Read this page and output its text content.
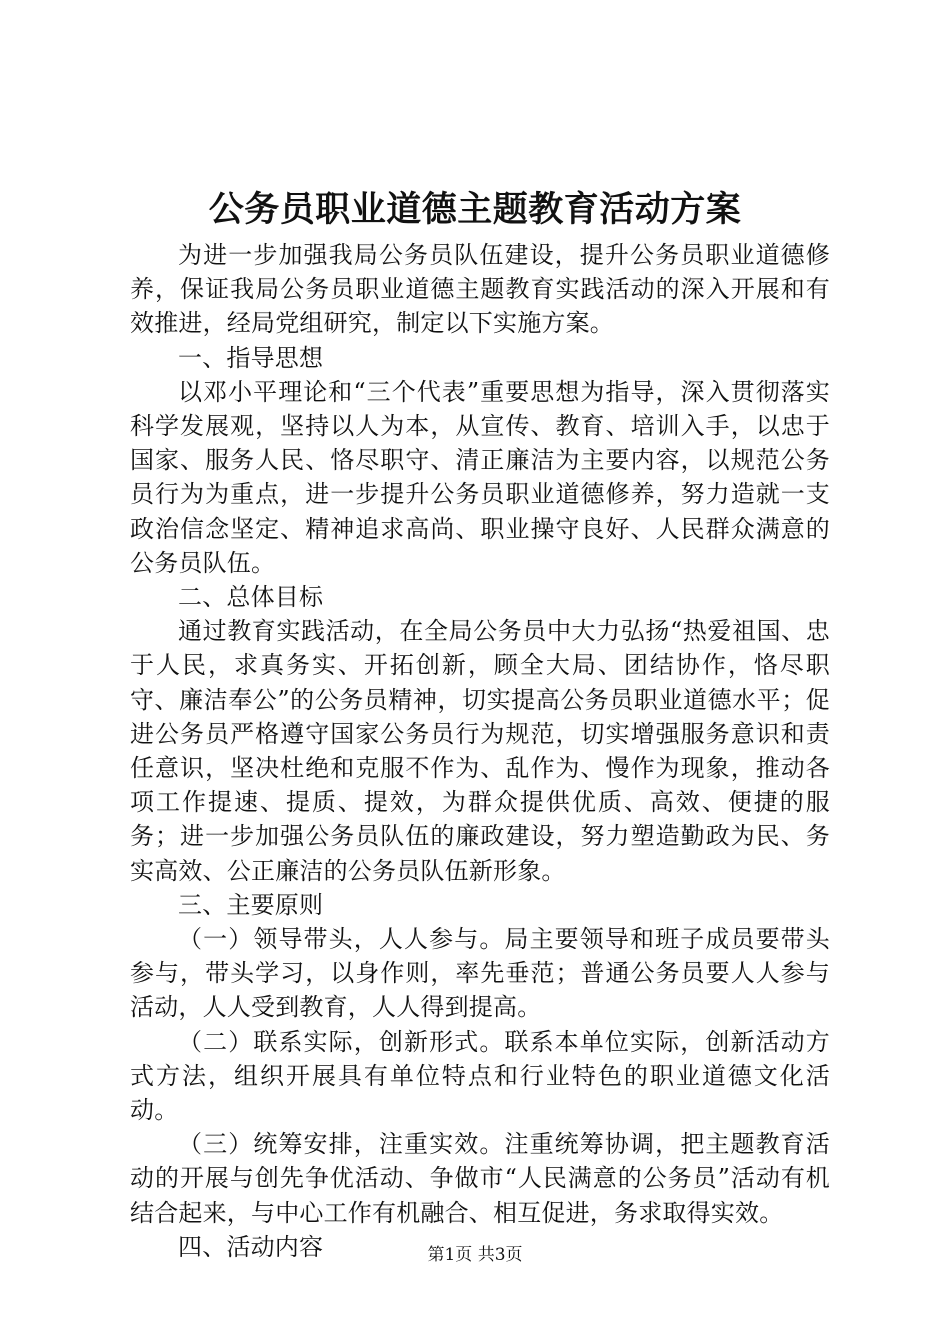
公务员职业道德主题教育活动方案

为进一步加强我局公务员队伍建设，提升公务员职业道德修养，保证我局公务员职业道德主题教育实践活动的深入开展和有效推进，经局党组研究，制定以下实施方案。

一、指导思想

以邓小平理论和“三个代表”重要思想为指导，深入贯彻落实科学发展观，坚持以人为本，从宣传、教育、培训入手，以忠于国家、服务人民、恪尽职守、清正廉洁为主要内容，以规范公务员行为为重点，进一步提升公务员职业道德修养，努力造就一支政治信念坚定、精神追求高尚、职业操守良好、人民群众满意的公务员队伍。

二、总体目标

通过教育实践活动，在全局公务员中大力弘扬“热爱祖国、忠于人民，求真务实、开拓创新，顾全大局、团结协作，恪尽职守、廉洁奉公”的公务员精神，切实提高公务员职业道德水平；促进公务员严格遵守国家公务员行为规范，切实增强服务意识和责任意识，坚决杜绝和克服不作为、乱作为、慢作为现象，推动各项工作提速、提质、提效，为群众提供优质、高效、便捷的服务；进一步加强公务员队伍的廉政建设，努力塑造勤政为民、务实高效、公正廉洁的公务员队伍新形象。

三、主要原则

（一）领导带头，人人参与。局主要领导和班子成员要带头参与，带头学习，以身作则，率先垂范；普通公务员要人人参与活动，人人受到教育，人人得到提高。

（二）联系实际，创新形式。联系本单位实际，创新活动方式方法，组织开展具有单位特点和行业特色的职业道德文化活动。

（三）统筹安排，注重实效。注重统筹协调，把主题教育活动的开展与创先争优活动、争做市“人民满意的公务员”活动有机结合起来，与中心工作有机融合、相互促进，务求取得实效。

四、活动内容	第1页 共3页
